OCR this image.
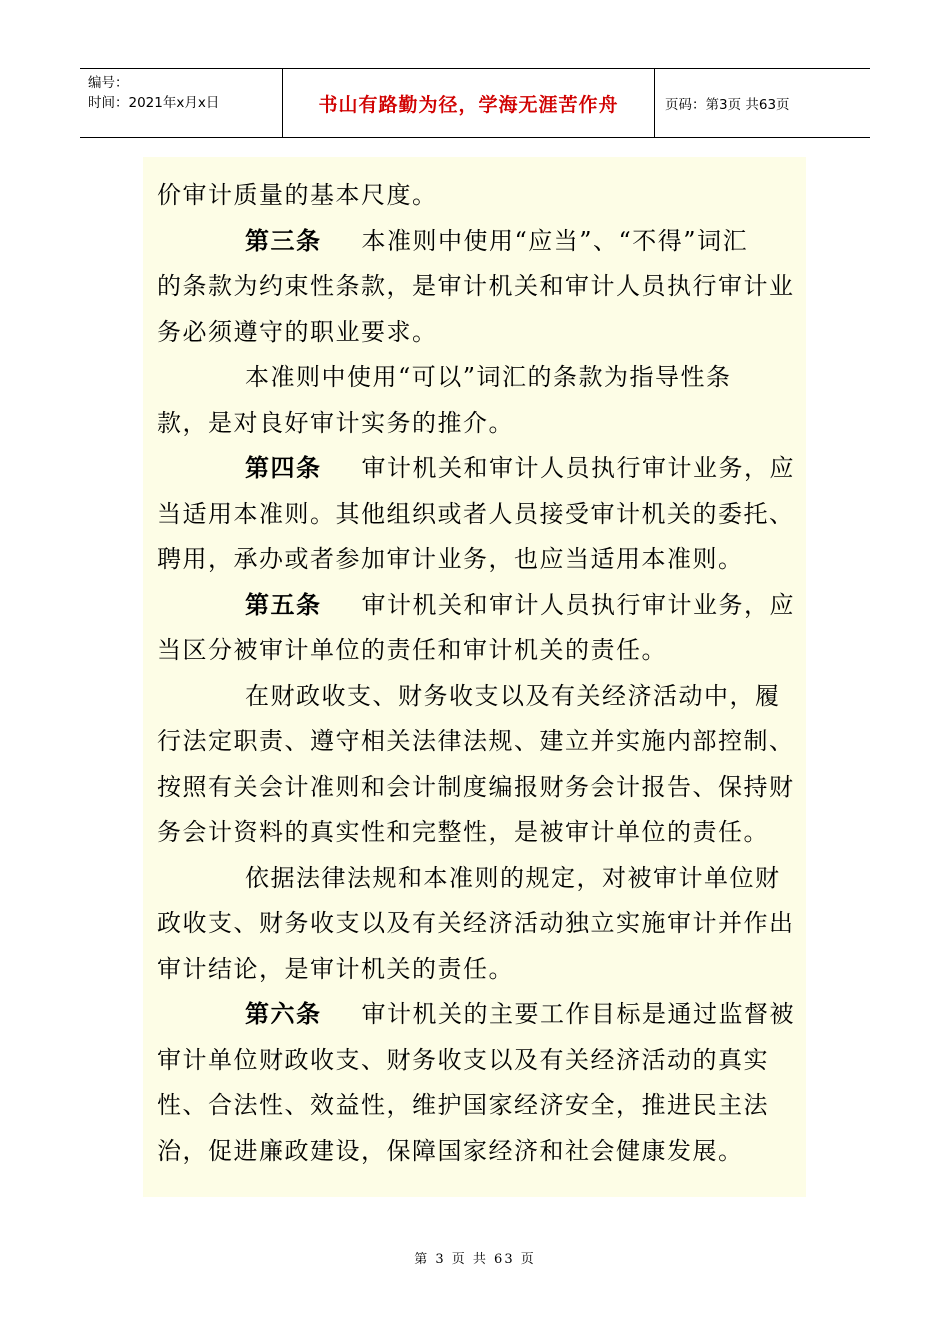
编号：
时间：2021年x月x日	书山有路勤为径，学海无涯苦作舟	页码：第3页 共63页
价审计质量的基本尺度。
第三条 本准则中使用“应当”、“不得”词汇
的条款为约束性条款，是审计机关和审计人员执行审计业
务必须遵守的职业要求。
本准则中使用“可以”词汇的条款为指导性条
款，是对良好审计实务的推介。
第四条 审计机关和审计人员执行审计业务，应
当适用本准则。其他组织或者人员接受审计机关的委托、
聘用，承办或者参加审计业务，也应当适用本准则。
第五条 审计机关和审计人员执行审计业务，应
当区分被审计单位的责任和审计机关的责任。
在财政收支、财务收支以及有关经济活动中，履
行法定职责、遵守相关法律法规、建立并实施内部控制、
按照有关会计准则和会计制度编报财务会计报告、保持财
务会计资料的真实性和完整性，是被审计单位的责任。
依据法律法规和本准则的规定，对被审计单位财
政收支、财务收支以及有关经济活动独立实施审计并作出
审计结论，是审计机关的责任。
第六条 审计机关的主要工作目标是通过监督被
审计单位财政收支、财务收支以及有关经济活动的真实
性、合法性、效益性，维护国家经济安全，推进民主法
治，促进廉政建设，保障国家经济和社会健康发展。
第 3 页 共 63 页
